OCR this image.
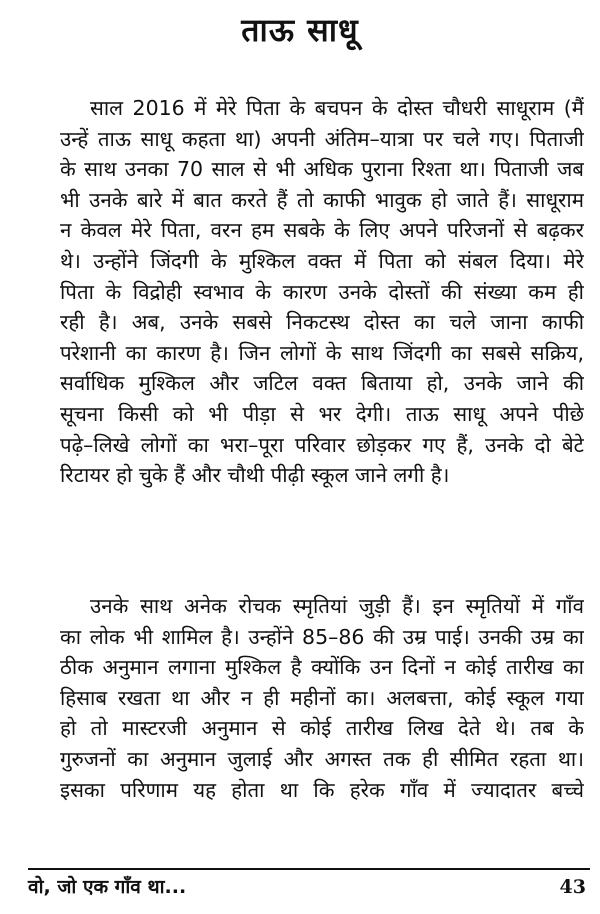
ताऊ साधू
साल 2016 में मेरे पिता के बचपन के दोस्त चौधरी साधूराम (मैं
उन्हें ताऊ साधू कहता था) अपनी अंतिम–यात्रा पर चले गए। पिताजी
के साथ उनका 70 साल से भी अधिक पुराना रिश्ता था। पिताजी जब
भी उनके बारे में बात करते हैं तो काफी भावुक हो जाते हैं। साधूराम
न केवल मेरे पिता, वरन हम सबके के लिए अपने परिजनों से बढ़कर
थे। उन्होंने जिंदगी के मुश्किल वक्त में पिता को संबल दिया। मेरे
पिता के विद्रोही स्वभाव के कारण उनके दोस्तों की संख्या कम ही
रही है। अब, उनके सबसे निकटस्थ दोस्त का चले जाना काफी
परेशानी का कारण है। जिन लोगों के साथ जिंदगी का सबसे सक्रिय,
सर्वाधिक मुश्किल और जटिल वक्त बिताया हो, उनके जाने की
सूचना किसी को भी पीड़ा से भर देगी। ताऊ साधू अपने पीछे
पढ़े–लिखे लोगों का भरा–पूरा परिवार छोड़कर गए हैं, उनके दो बेटे
रिटायर हो चुके हैं और चौथी पीढ़ी स्कूल जाने लगी है।
उनके साथ अनेक रोचक स्मृतियां जुड़ी हैं। इन स्मृतियों में गाँव
का लोक भी शामिल है। उन्होंने 85–86 की उम्र पाई। उनकी उम्र का
ठीक अनुमान लगाना मुश्किल है क्योंकि उन दिनों न कोई तारीख का
हिसाब रखता था और न ही महीनों का। अलबत्ता, कोई स्कूल गया
हो तो मास्टरजी अनुमान से कोई तारीख लिख देते थे। तब के
गुरुजनों का अनुमान जुलाई और अगस्त तक ही सीमित रहता था।
इसका परिणाम यह होता था कि हरेक गाँव में ज्यादातर बच्चे
वो, जो एक गाँव था...	43
